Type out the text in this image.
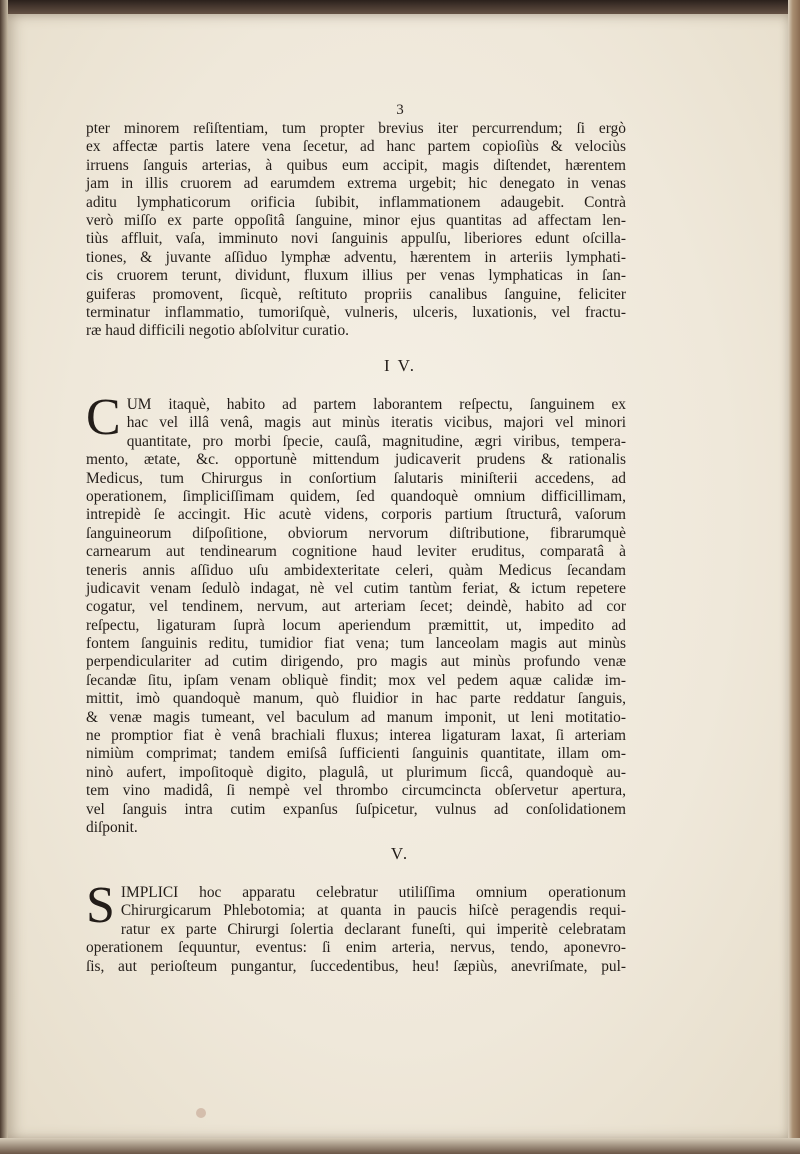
3
pter minorem reſiſtentiam, tum propter brevius iter percurrendum; ſi ergò
ex affectæ partis latere vena ſecetur, ad hanc partem copioſiùs & velociùs
irruens ſanguis arterias, à quibus eum accipit, magis diſtendet, hærentem
jam in illis cruorem ad earumdem extrema urgebit; hic denegato in venas
aditu lymphaticorum orificia ſubibit, inflammationem adaugebit. Contrà
verò miſſo ex parte oppoſitâ ſanguine, minor ejus quantitas ad affectam len-
tiùs affluit, vaſa, imminuto novi ſanguinis appulſu, liberiores edunt oſcilla-
tiones, & juvante aſſiduo lymphæ adventu, hærentem in arteriis lymphati-
cis cruorem terunt, dividunt, fluxum illius per venas lymphaticas in ſan-
guiferas promovent, ſicquè, reſtituto propriis canalibus ſanguine, feliciter
terminatur inflammatio, tumoriſquè, vulneris, ulceris, luxationis, vel fractu-
ræ haud difficili negotio abſolvitur curatio.
I V.
C UM itaquè, habito ad partem laborantem reſpectu, ſanguinem ex
hac vel illâ venâ, magis aut minùs iteratis vicibus, majori vel minori
quantitate, pro morbi ſpecie, cauſâ, magnitudine, ægri viribus, tempera-
mento, ætate, &c. opportunè mittendum judicaverit prudens & rationalis
Medicus, tum Chirurgus in conſortium ſalutaris miniſterii accedens, ad
operationem, ſimpliciſſimam quidem, ſed quandoquè omnium difficillimam,
intrepidè ſe accingit. Hic acutè videns, corporis partium ſtructurâ, vaſorum
ſanguineorum diſpoſitione, obviorum nervorum diſtributione, fibrarumquè
carnearum aut tendinearum cognitione haud leviter eruditus, comparatâ à
teneris annis aſſiduo uſu ambidexteritate celeri, quàm Medicus ſecandam
judicavit venam ſedulò indagat, nè vel cutim tantùm feriat, & ictum repetere
cogatur, vel tendinem, nervum, aut arteriam ſecet; deindè, habito ad cor
reſpectu, ligaturam ſuprà locum aperiendum præmittit, ut, impedito ad
fontem ſanguinis reditu, tumidior fiat vena; tum lanceolam magis aut minùs
perpendiculariter ad cutim dirigendo, pro magis aut minùs profundo venæ
ſecandæ ſitu, ipſam venam obliquè findit; mox vel pedem aquæ calidæ im-
mittit, imò quandoquè manum, quò fluidior in hac parte reddatur ſanguis,
& venæ magis tumeant, vel baculum ad manum imponit, ut leni motitatio-
ne promptior fiat è venâ brachiali fluxus; interea ligaturam laxat, ſi arteriam
nimiùm comprimat; tandem emiſsâ ſufficienti ſanguinis quantitate, illam om-
ninò aufert, impoſitoquè digito, plagulâ, ut plurimum ſiccâ, quandoquè au-
tem vino madidâ, ſi nempè vel thrombo circumcincta obſervetur apertura,
vel ſanguis intra cutim expanſus ſuſpicetur, vulnus ad conſolidationem
diſponit.
V.
S IMPLICI hoc apparatu celebratur utiliſſima omnium operationum
Chirurgicarum Phlebotomia; at quanta in paucis hiſcè peragendis requi-
ratur ex parte Chirurgi ſolertia declarant funeſti, qui imperitè celebratam
operationem ſequuntur, eventus: ſi enim arteria, nervus, tendo, aponevro-
ſis, aut perioſteum pungantur, ſuccedentibus, heu! ſæpiùs, anevriſmate, pul-
